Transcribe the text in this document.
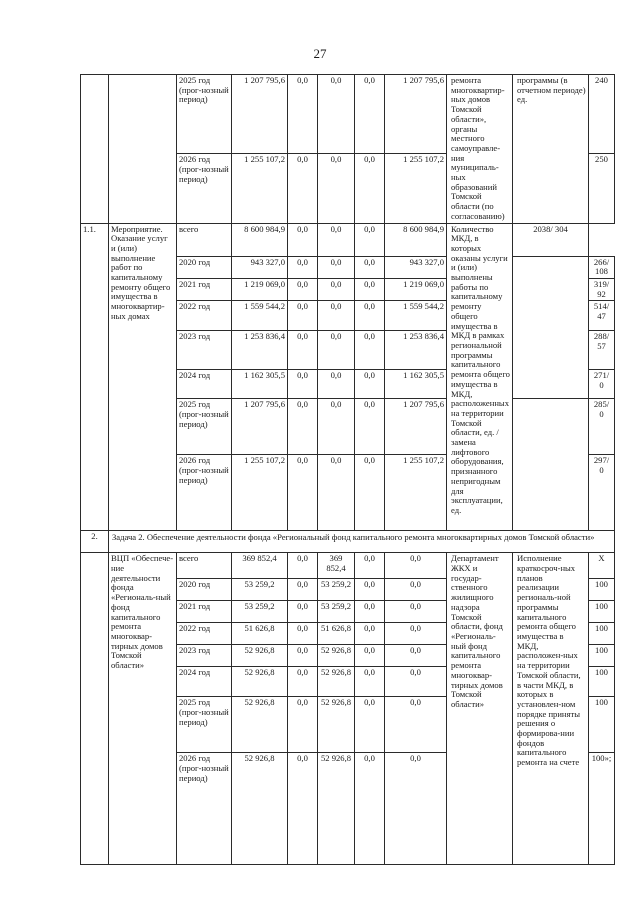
27
		2025 год (прог-нозный период)	1 207 795,6	0,0	0,0	0,0	1 207 795,6	ремонта многоквартир-ных домов Томской области», органы местного самоуправле-ния муниципаль-ных образований Томской области (по согласованию)	программы (в отчетном периоде) ед.	240
		2026 год (прог-нозный период)	1 255 107,2	0,0	0,0	0,0	1 255 107,2			250
1.1.	Мероприятие. Оказание услуг и (или) выполнение работ по капитальному ремонту общего имущества в многоквартир-ных домах	всего	8 600 984,9	0,0	0,0	0,0	8 600 984,9	Количество МКД, в которых оказаны услуги и (или) выполнены работы по капитальному ремонту общего имущества в МКД в рамках региональной программы капитального ремонта общего имущества в МКД, расположенных на территории Томской области, ед. / замена лифтового оборудования, признанного непригодным для эксплуатации, ед.	2038/ 304	
		2020 год	943 327,0	0,0	0,0	0,0	943 327,0			266/ 108
		2021 год	1 219 069,0	0,0	0,0	0,0	1 219 069,0			319/ 92
		2022 год	1 559 544,2	0,0	0,0	0,0	1 559 544,2			514/ 47
		2023 год	1 253 836,4	0,0	0,0	0,0	1 253 836,4			288/ 57
		2024 год	1 162 305,5	0,0	0,0	0,0	1 162 305,5			271/ 0
		2025 год (прог-нозный период)	1 207 795,6	0,0	0,0	0,0	1 207 795,6			285/ 0
		2026 год (прог-нозный период)	1 255 107,2	0,0	0,0	0,0	1 255 107,2			297/ 0
2.	Задача 2. Обеспечение деятельности фонда «Региональный фонд капитального ремонта многоквартирных домов Томской области»									
	ВЦП «Обеспече-ние деятельности фонда «Региональ-ный фонд капитального ремонта многоквар-тирных домов Томской области»	всего	369 852,4	0,0	369 852,4	0,0	0,0	Департамент ЖКХ и государ-ственного жилищного надзора Томской области, фонд «Региональ-ный фонд капитального ремонта многоквар-тирных домов Томской области»	Исполнение краткосроч-ных планов реализации региональ-ной программы капитального ремонта общего имущества в МКД, расположен-ных на территории Томской области, в части МКД, в которых в установлен-ном порядке приняты решения о формирова-нии фондов капитального ремонта на счете	Х
		2020 год	53 259,2	0,0	53 259,2	0,0	0,0			100
		2021 год	53 259,2	0,0	53 259,2	0,0	0,0			100
		2022 год	51 626,8	0,0	51 626,8	0,0	0,0			100
		2023 год	52 926,8	0,0	52 926,8	0,0	0,0			100
		2024 год	52 926,8	0,0	52 926,8	0,0	0,0			100
		2025 год (прог-нозный период)	52 926,8	0,0	52 926,8	0,0	0,0			100
		2026 год (прог-нозный период)	52 926,8	0,0	52 926,8	0,0	0,0			100»;
